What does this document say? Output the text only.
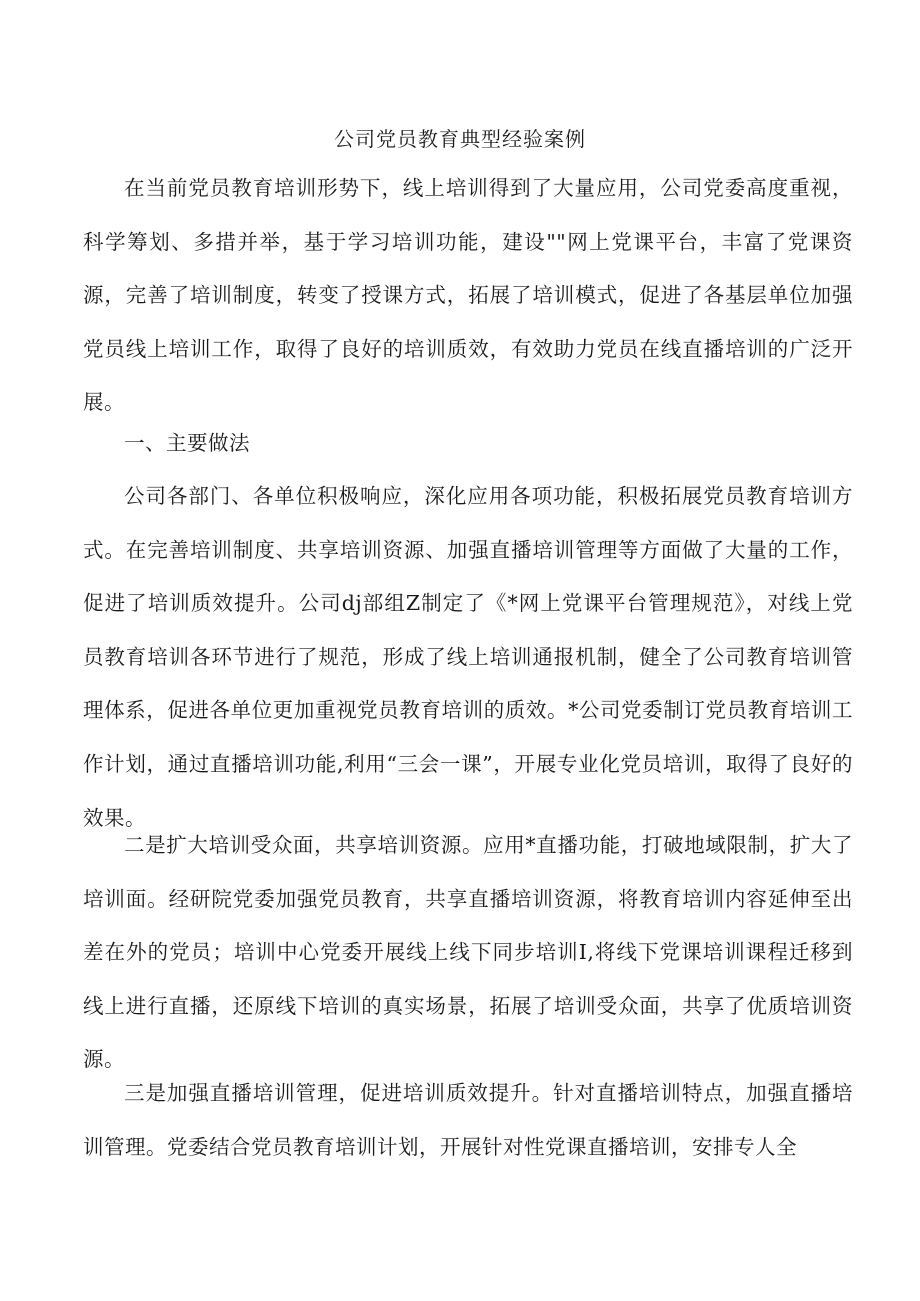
公司党员教育典型经验案例

在当前党员教育培训形势下，线上培训得到了大量应用，公司党委高度重视，科学筹划、多措并举，基于学习培训功能，建设""网上党课平台，丰富了党课资源，完善了培训制度，转变了授课方式，拓展了培训模式，促进了各基层单位加强党员线上培训工作，取得了良好的培训质效，有效助力党员在线直播培训的广泛开展。

一、主要做法

公司各部门、各单位积极响应，深化应用各项功能，积极拓展党员教育培训方式。在完善培训制度、共享培训资源、加强直播培训管理等方面做了大量的工作，促进了培训质效提升。公司dj部组Z制定了《*网上党课平台管理规范》，对线上党员教育培训各环节进行了规范，形成了线上培训通报机制，健全了公司教育培训管理体系，促进各单位更加重视党员教育培训的质效。*公司党委制订党员教育培训工作计划，通过直播培训功能,利用“三会一课”，开展专业化党员培训，取得了良好的效果。

二是扩大培训受众面，共享培训资源。应用*直播功能，打破地域限制，扩大了培训面。经研院党委加强党员教育，共享直播培训资源，将教育培训内容延伸至出差在外的党员；培训中心党委开展线上线下同步培训I,将线下党课培训课程迁移到线上进行直播，还原线下培训的真实场景，拓展了培训受众面，共享了优质培训资源。

三是加强直播培训管理，促进培训质效提升。针对直播培训特点，加强直播培训管理。党委结合党员教育培训计划，开展针对性党课直播培训，安排专人全
